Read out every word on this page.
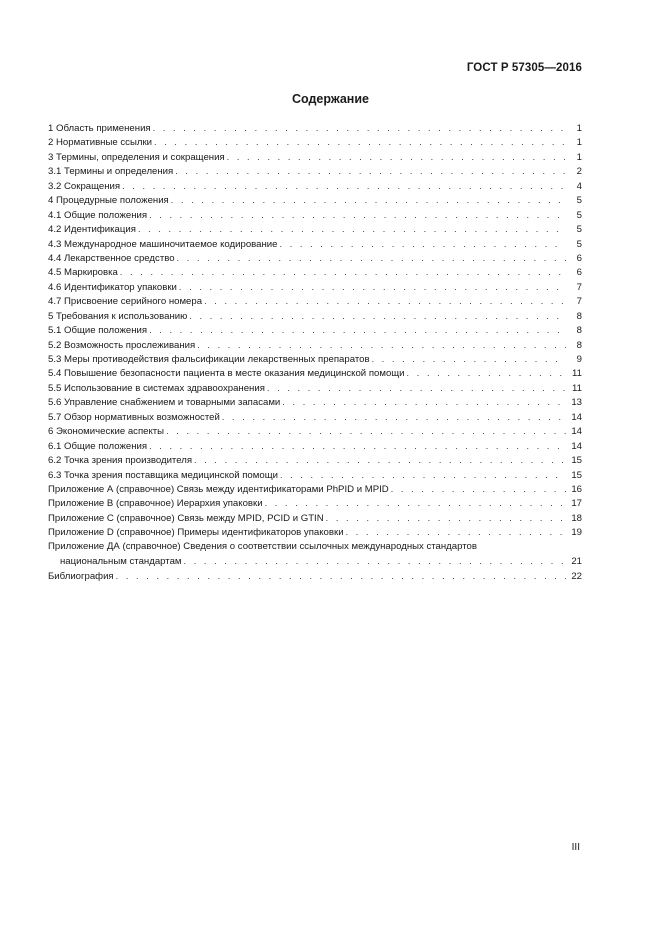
ГОСТ Р 57305—2016
Содержание
1 Область применения . . .	1
2 Нормативные ссылки . . .	1
3 Термины, определения и сокращения . . .	1
3.1 Термины и определения . . .	2
3.2 Сокращения . . .	4
4 Процедурные положения . . .	5
4.1 Общие положения . . .	5
4.2 Идентификация . . .	5
4.3 Международное машиночитаемое кодирование . . .	5
4.4 Лекарственное средство . . .	6
4.5 Маркировка . . .	6
4.6 Идентификатор упаковки . . .	7
4.7 Присвоение серийного номера . . .	7
5 Требования к использованию . . .	8
5.1 Общие положения . . .	8
5.2 Возможность прослеживания . . .	8
5.3 Меры противодействия фальсификации лекарственных препаратов . . .	9
5.4 Повышение безопасности пациента в месте оказания медицинской помощи . . .	11
5.5 Использование в системах здравоохранения . . .	11
5.6 Управление снабжением и товарными запасами . . .	13
5.7 Обзор нормативных возможностей . . .	14
6 Экономические аспекты . . .	14
6.1 Общие положения . . .	14
6.2 Точка зрения производителя . . .	15
6.3 Точка зрения поставщика медицинской помощи . . .	15
Приложение А (справочное) Связь между идентификаторами PhPID и MPID . . .	16
Приложение В (справочное) Иерархия упаковки . . .	17
Приложение С (справочное) Связь между MPID, PCID и GTIN . . .	18
Приложение D (справочное) Примеры идентификаторов упаковки . . .	19
Приложение ДА (справочное) Сведения о соответствии ссылочных международных стандартов
национальным стандартам . . .	21
Библиография . . .	22
III
